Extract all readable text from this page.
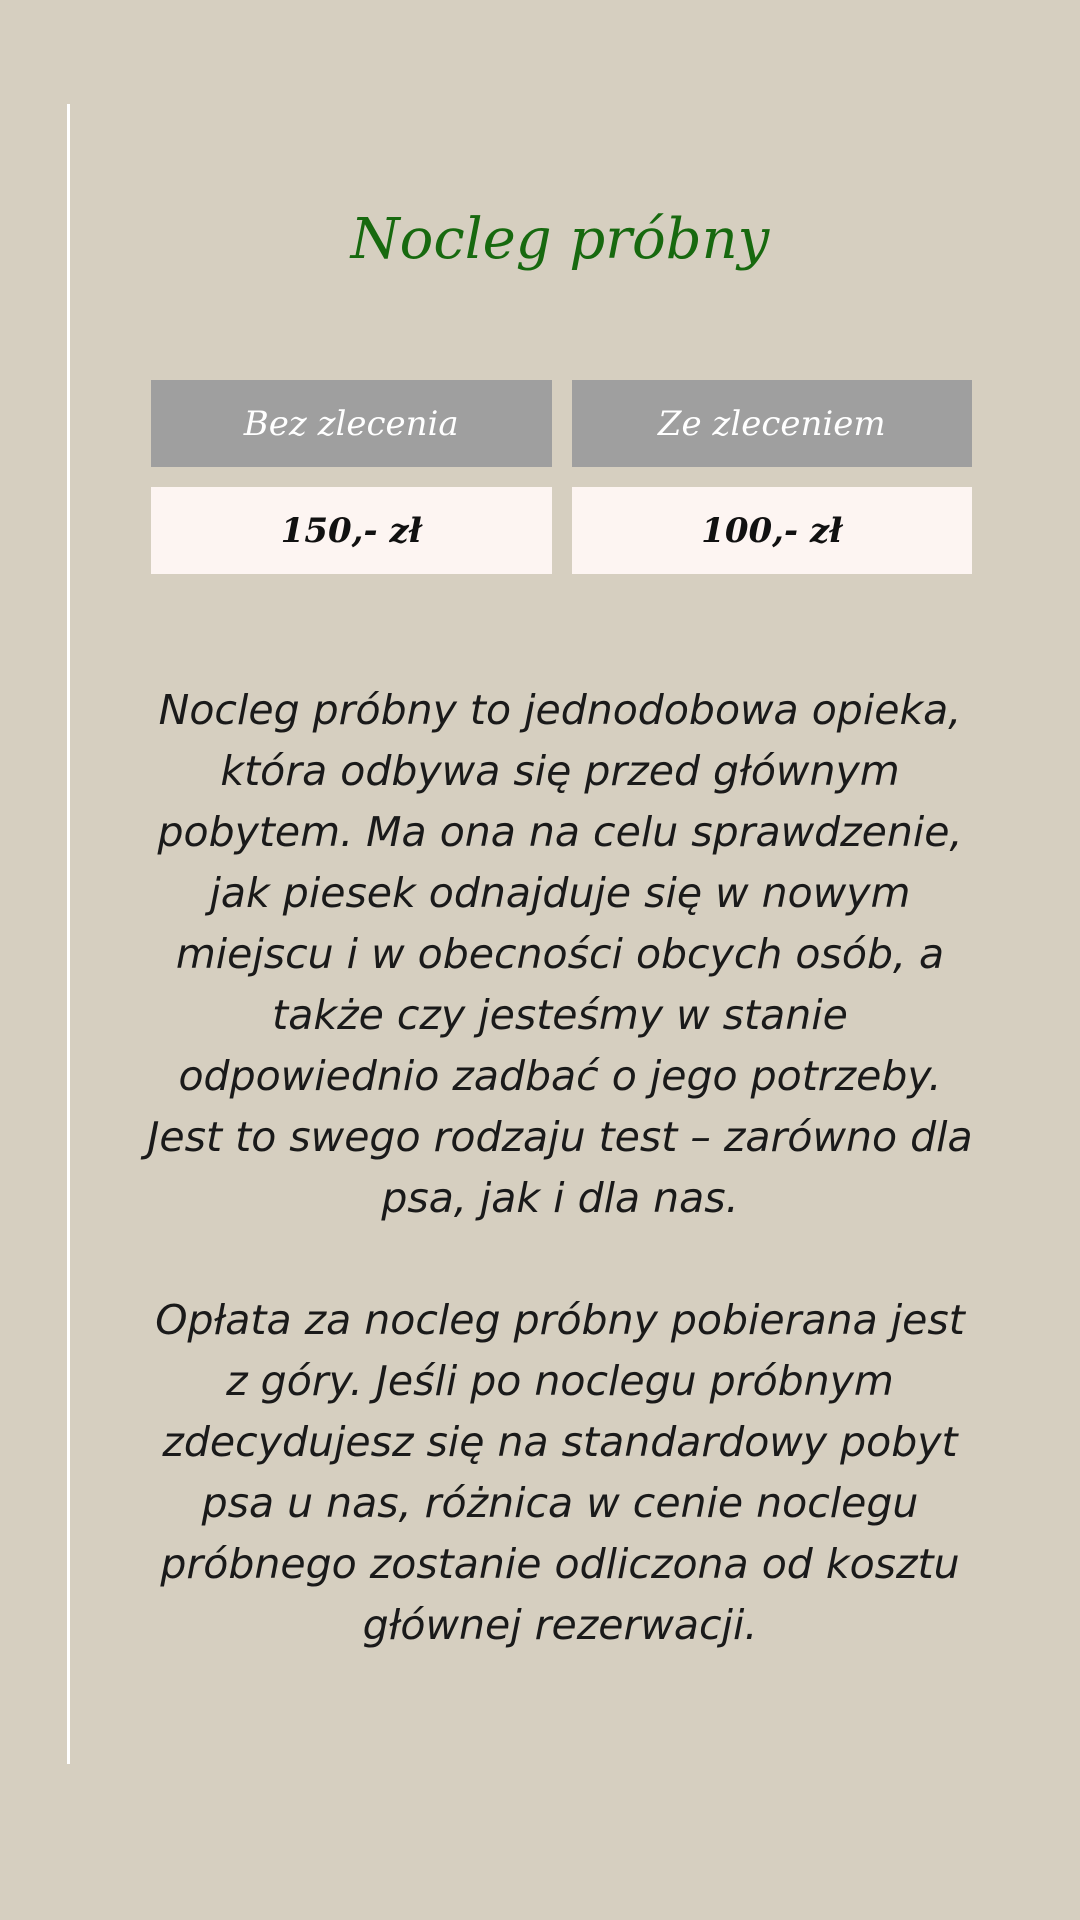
Nocleg próbny
Bez zlecenia	Ze zleceniem
150,- zł	100,- zł

Nocleg próbny to jednodobowa opieka, która odbywa się przed głównym pobytem. Ma ona na celu sprawdzenie, jak piesek odnajduje się w nowym miejscu i w obecności obcych osób, a także czy jesteśmy w stanie odpowiednio zadbać o jego potrzeby. Jest to swego rodzaju test – zarówno dla psa, jak i dla nas.

Opłata za nocleg próbny pobierana jest z góry. Jeśli po noclegu próbnym zdecydujesz się na standardowy pobyt psa u nas, różnica w cenie noclegu próbnego zostanie odliczona od kosztu głównej rezerwacji.
